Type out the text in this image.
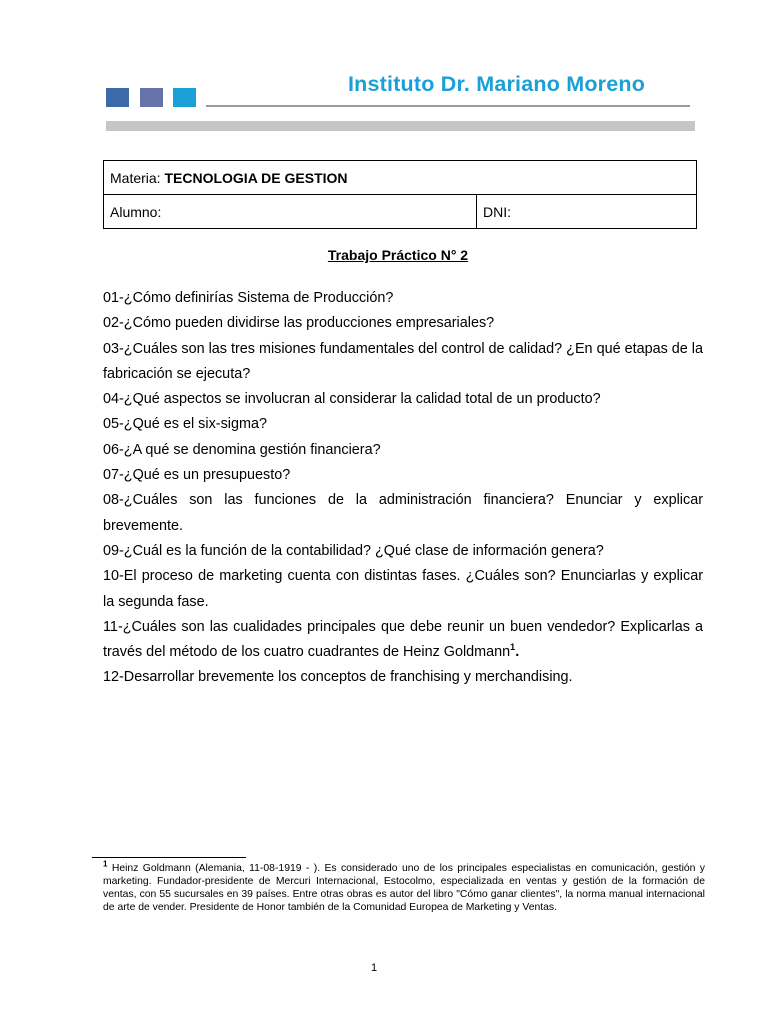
Instituto Dr. Mariano Moreno
Materia: TECNOLOGIA DE GESTION
Alumno:	DNI:
Trabajo Práctico N° 2

01-¿Cómo definirías Sistema de Producción?

02-¿Cómo pueden dividirse las producciones empresariales?

03-¿Cuáles son las tres misiones fundamentales del control de calidad? ¿En qué etapas de la fabricación se ejecuta?

04-¿Qué aspectos se involucran al considerar la calidad total de un producto?

05-¿Qué es el six-sigma?

06-¿A qué se denomina gestión financiera?

07-¿Qué es un presupuesto?

08-¿Cuáles son las funciones de la administración financiera? Enunciar y explicar brevemente.

09-¿Cuál es la función de la contabilidad? ¿Qué clase de información genera?

10-El proceso de marketing cuenta con distintas fases. ¿Cuáles son? Enunciarlas y explicar la segunda fase.

11-¿Cuáles son las cualidades principales que debe reunir un buen vendedor? Explicarlas a través del método de los cuatro cuadrantes de Heinz Goldmann$^1$.

12-Desarrollar brevemente los conceptos de franchising y merchandising.

$^1$ Heinz Goldmann (Alemania, 11-08-1919 - ). Es considerado uno de los principales especialistas en comunicación, gestión y marketing. Fundador-presidente de Mercuri Internacional, Estocolmo, especializada en ventas y gestión de la formación de ventas, con 55 sucursales en 39 países. Entre otras obras es autor del libro "Cómo ganar clientes", la norma manual internacional de arte de vender. Presidente de Honor también de la Comunidad Europea de Marketing y Ventas.
1
